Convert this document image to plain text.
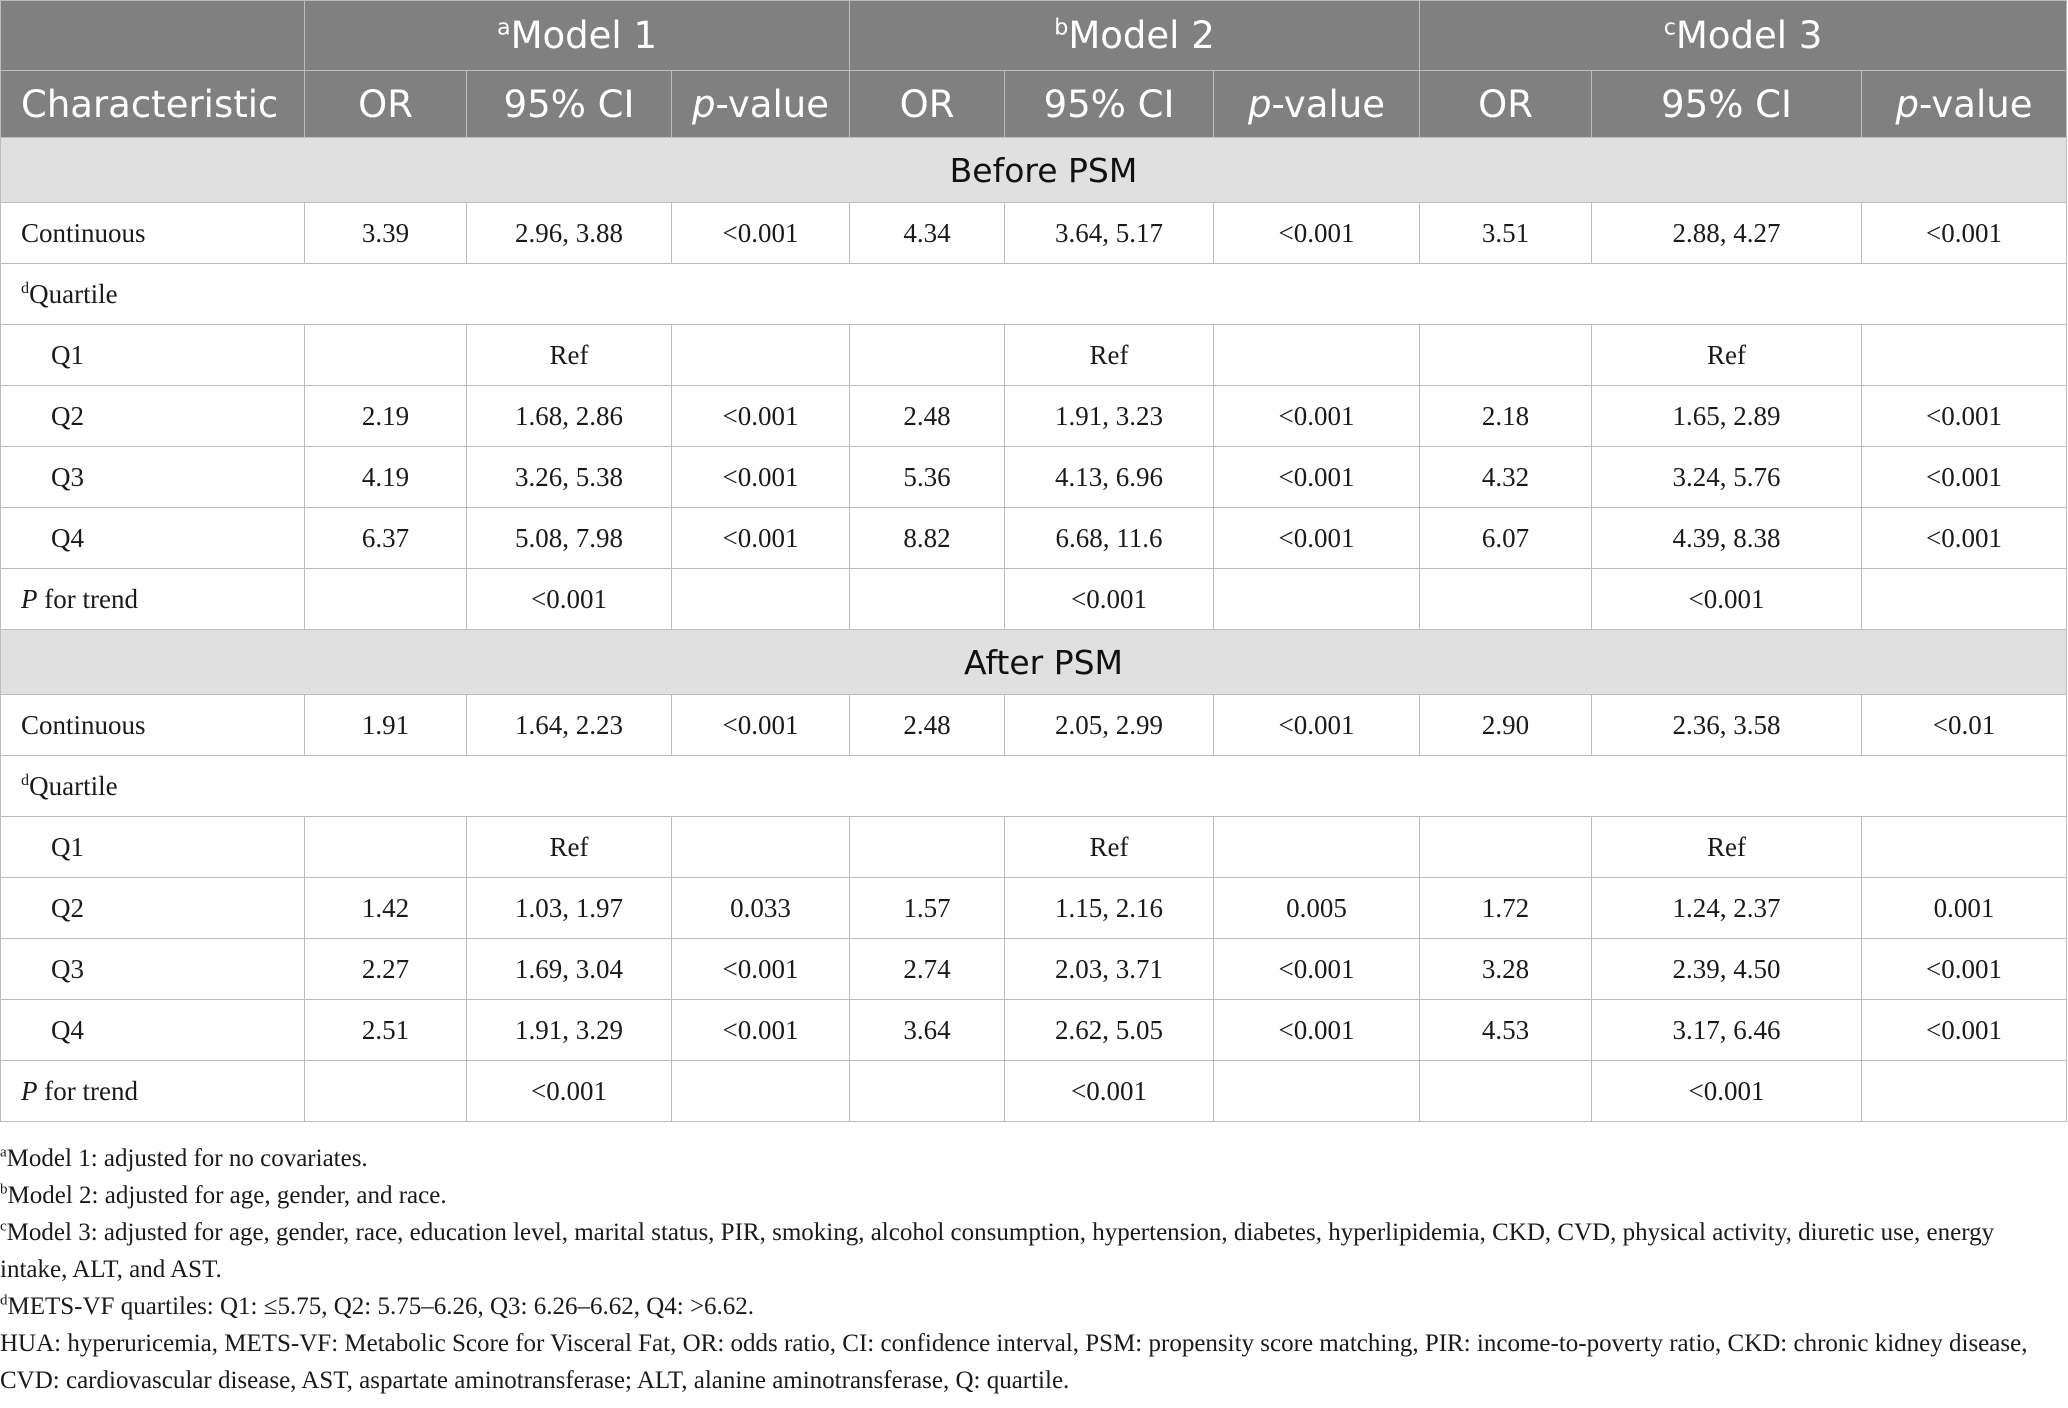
	$^a$Model 1			$^b$Model 2			$^c$Model 3		
Characteristic	OR	95% CI	p-value	OR	95% CI	p-value	OR	95% CI	p-value
Before PSM									
Continuous	3.39	2.96, 3.88	<0.001	4.34	3.64, 5.17	<0.001	3.51	2.88, 4.27	<0.001
$^d$Quartile									
Q1		Ref			Ref			Ref	
Q2	2.19	1.68, 2.86	<0.001	2.48	1.91, 3.23	<0.001	2.18	1.65, 2.89	<0.001
Q3	4.19	3.26, 5.38	<0.001	5.36	4.13, 6.96	<0.001	4.32	3.24, 5.76	<0.001
Q4	6.37	5.08, 7.98	<0.001	8.82	6.68, 11.6	<0.001	6.07	4.39, 8.38	<0.001
P for trend		<0.001			<0.001			<0.001	
After PSM									
Continuous	1.91	1.64, 2.23	<0.001	2.48	2.05, 2.99	<0.001	2.90	2.36, 3.58	<0.01
$^d$Quartile									
Q1		Ref			Ref			Ref	
Q2	1.42	1.03, 1.97	0.033	1.57	1.15, 2.16	0.005	1.72	1.24, 2.37	0.001
Q3	2.27	1.69, 3.04	<0.001	2.74	2.03, 3.71	<0.001	3.28	2.39, 4.50	<0.001
Q4	2.51	1.91, 3.29	<0.001	3.64	2.62, 5.05	<0.001	4.53	3.17, 6.46	<0.001
P for trend		<0.001			<0.001			<0.001	

$^a$Model 1: adjusted for no covariates.

$^b$Model 2: adjusted for age, gender, and race.

$^c$Model 3: adjusted for age, gender, race, education level, marital status, PIR, smoking, alcohol consumption, hypertension, diabetes, hyperlipidemia, CKD, CVD, physical activity, diuretic use, energy intake, ALT, and AST.

$^d$METS-VF quartiles: Q1: ≤5.75, Q2: 5.75–6.26, Q3: 6.26–6.62, Q4: >6.62.

HUA: hyperuricemia, METS-VF: Metabolic Score for Visceral Fat, OR: odds ratio, CI: confidence interval, PSM: propensity score matching, PIR: income-to-poverty ratio, CKD: chronic kidney disease, CVD: cardiovascular disease, AST, aspartate aminotransferase; ALT, alanine aminotransferase, Q: quartile.
